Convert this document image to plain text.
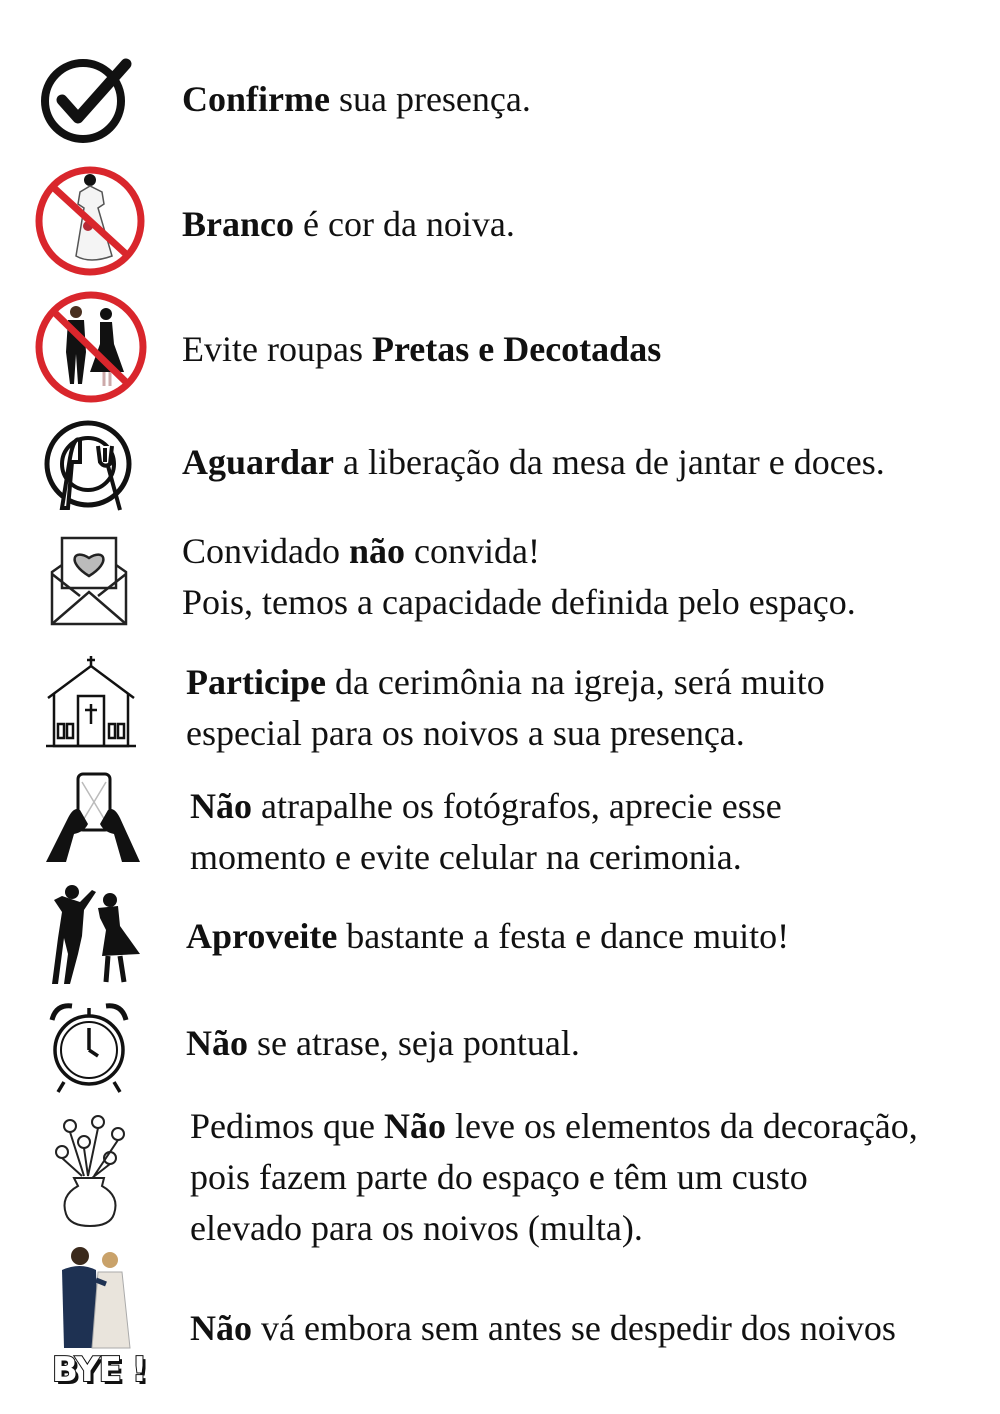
Confirme sua presença.
Branco é cor da noiva.
Evite roupas Pretas e Decotadas
Aguardar a liberação da mesa de jantar e doces.
Convidado não convida!
Pois, temos a capacidade definida pelo espaço.
Participe da cerimônia na igreja, será muito
especial para os noivos a sua presença.
Não atrapalhe os fotógrafos, aprecie esse
momento e evite celular na cerimonia.
Aproveite bastante a festa e dance muito!
Não se atrase, seja pontual.
Pedimos que Não leve os elementos da decoração,
pois fazem parte do espaço e têm um custo
elevado para os noivos (multa).
BYE !
Não vá embora sem antes se despedir dos noivos
